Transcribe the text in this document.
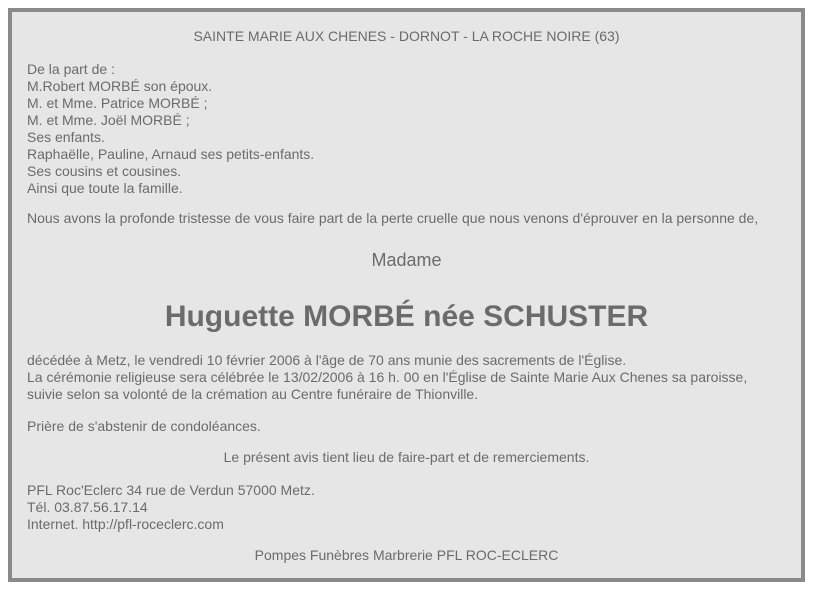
SAINTE MARIE AUX CHENES - DORNOT - LA ROCHE NOIRE (63)
De la part de :
M.Robert MORBÉ son époux.
M. et Mme. Patrice MORBÉ ;
M. et Mme. Joël MORBÉ ;
Ses enfants.
Raphaëlle, Pauline, Arnaud ses petits-enfants.
Ses cousins et cousines.
Ainsi que toute la famille.
Nous avons la profonde tristesse de vous faire part de la perte cruelle que nous venons d'éprouver en la personne de,
Madame
Huguette MORBÉ née SCHUSTER
décédée à Metz, le vendredi 10 février 2006 à l'âge de 70 ans munie des sacrements de l'Église.
La cérémonie religieuse sera célébrée le 13/02/2006 à 16 h. 00 en l'Église de Sainte Marie Aux Chenes sa paroisse,
suivie selon sa volonté de la crémation au Centre funéraire de Thionville.
Prière de s'abstenir de condoléances.
Le présent avis tient lieu de faire-part et de remerciements.
PFL Roc'Eclerc 34 rue de Verdun 57000 Metz.
Tél. 03.87.56.17.14
Internet. http://pfl-roceclerc.com
Pompes Funèbres Marbrerie PFL ROC-ECLERC
